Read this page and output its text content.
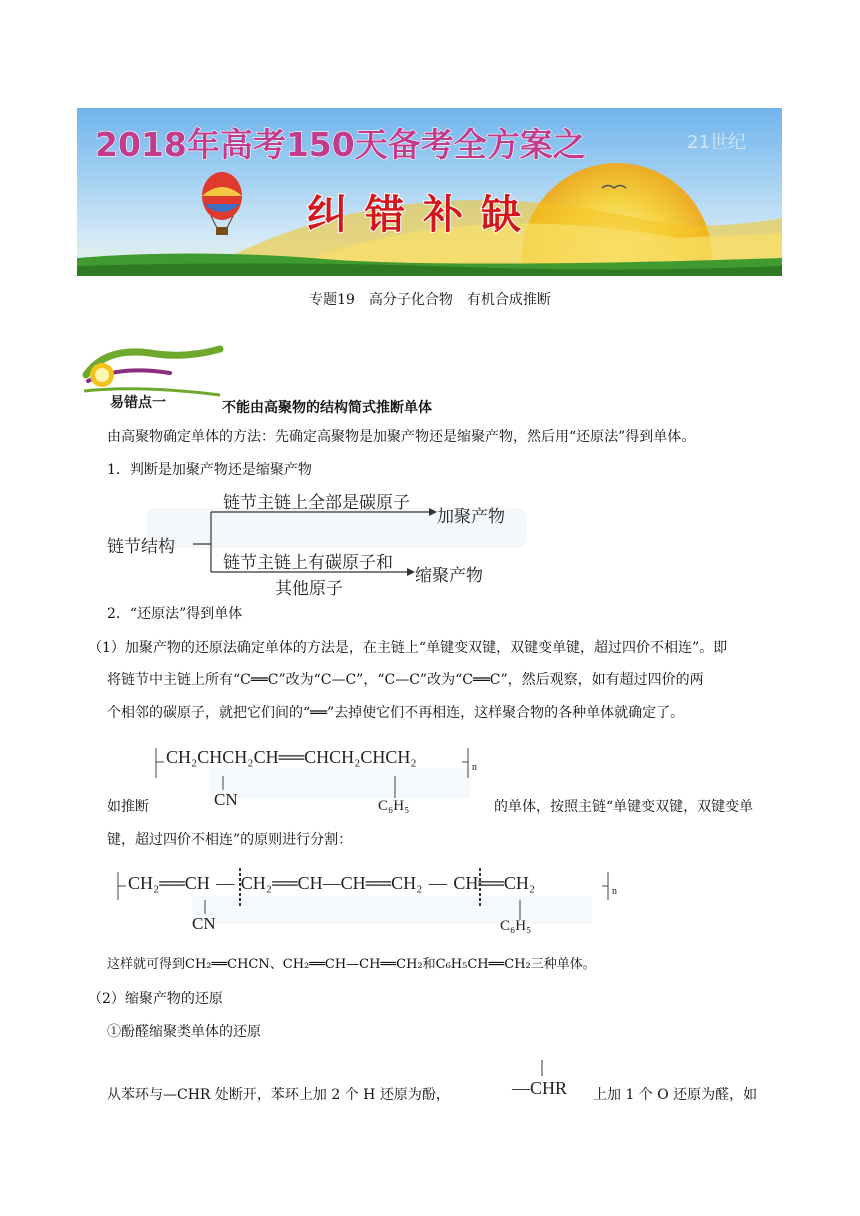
21世纪
2018年高考150天备考全方案之
纠错补缺
专题19　高分子化合物　有机合成推断
易错点一	不能由高聚物的结构简式推断单体
由高聚物确定单体的方法：先确定高聚物是加聚产物还是缩聚产物，然后用“还原法”得到单体。
1．判断是加聚产物还是缩聚产物
链节结构
链节主链上全部是碳原子
加聚产物
链节主链上有碳原子和
其他原子
缩聚产物
2．“还原法”得到单体
（1）加聚产物的还原法确定单体的方法是，在主链上“单键变双键，双键变单键，超过四价不相连”。即
将链节中主链上所有“C══C”改为“C—C”，“C—C”改为“C══C”，然后观察，如有超过四价的两
个相邻的碳原子，就把它们间的“══”去掉使它们不再相连，这样聚合物的各种单体就确定了。
CH₂CHCH₂CH══CHCH₂CHCH₂
n
CN	C₆H₅
如推断	的单体，按照主链“单键变双键，双键变单
键，超过四价不相连”的原则进行分割：
CH₂══CH — CH₂══CH—CH══CH₂ — CH══CH₂	n
CN	C₆H₅
这样就可得到CH₂══CHCN、CH₂══CH—CH══CH₂和C₆H₅CH══CH₂三种单体。
（2）缩聚产物的还原
①酚醛缩聚类单体的还原
从苯环与—CHR 处断开，苯环上加 2 个 H 还原为酚，	—CHR 上加 1 个 O 还原为醛，如
